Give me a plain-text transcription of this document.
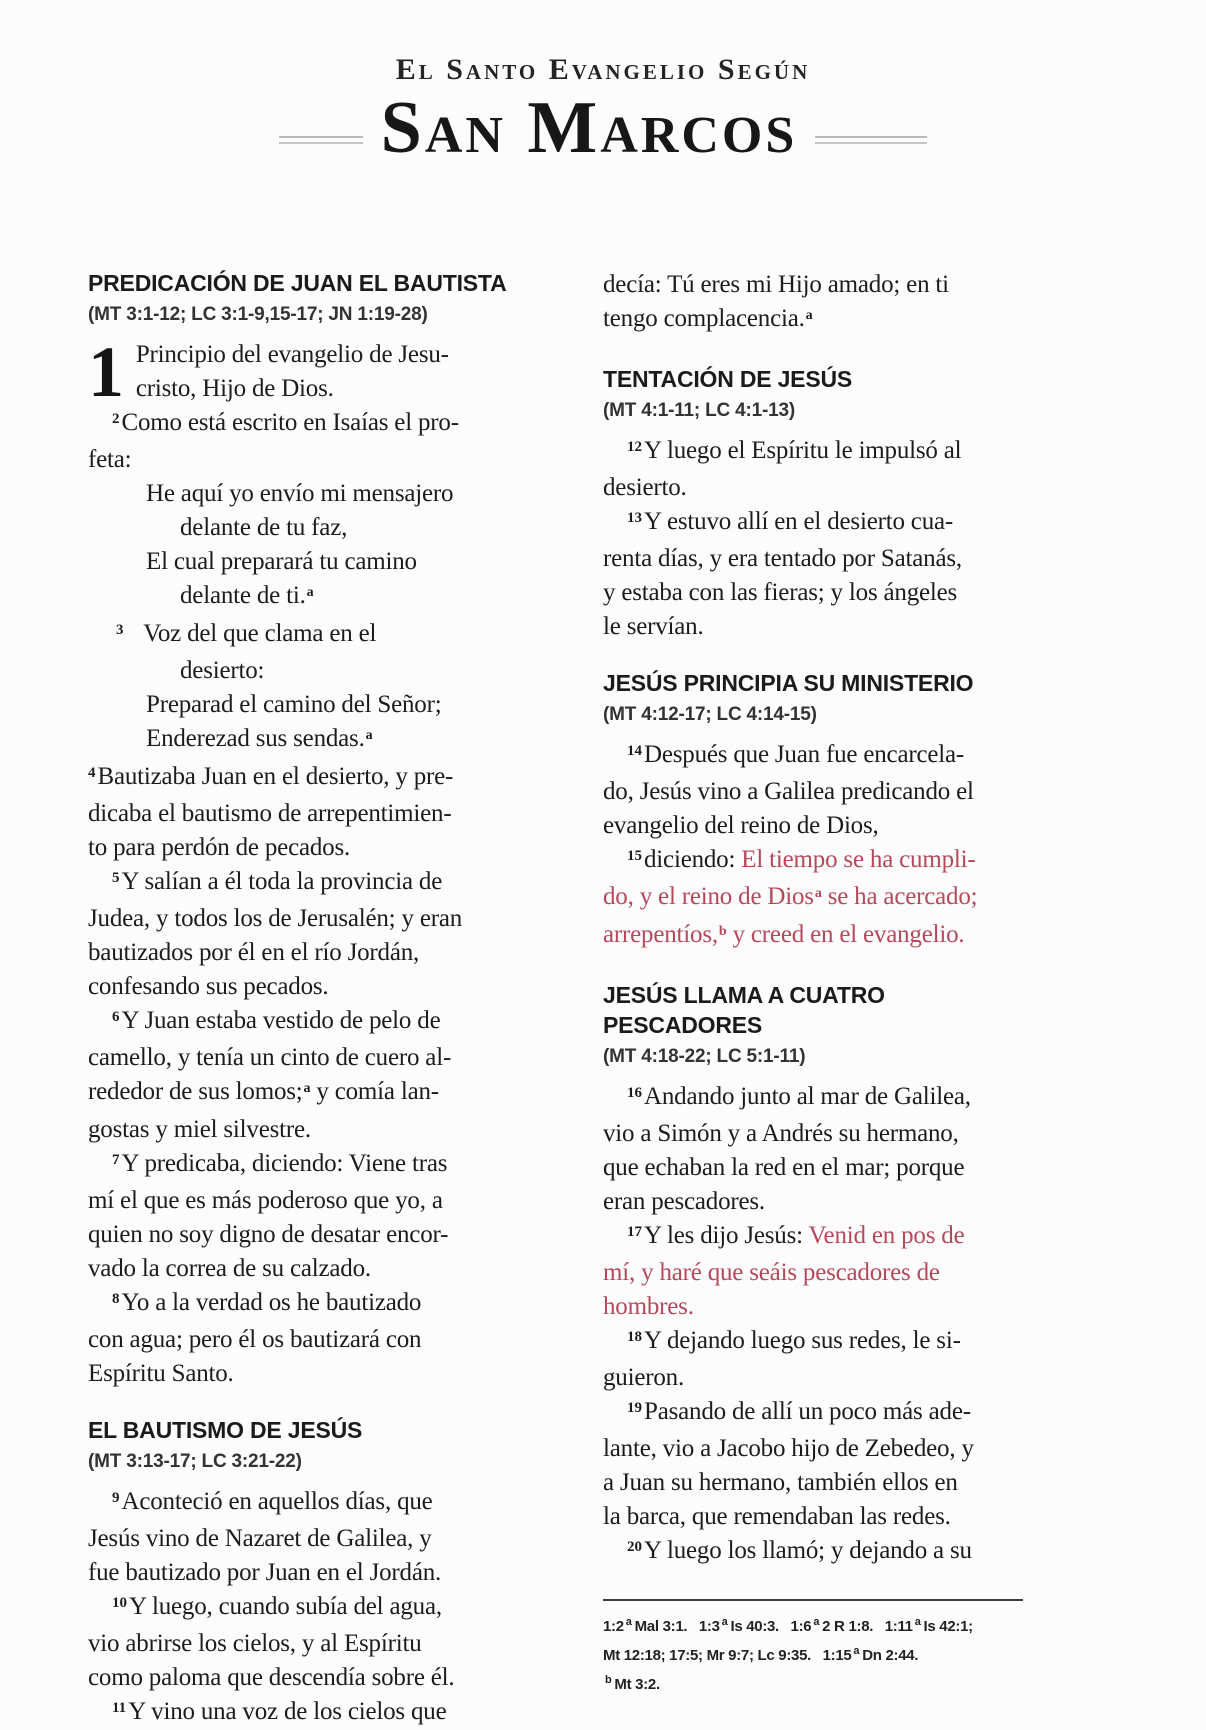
El Santo Evangelio Según
San Marcos
PREDICACIÓN DE JUAN EL BAUTISTA
(MT 3:1-12; LC 3:1-9,15-17; JN 1:19-28)
1 Principio del evangelio de Jesu-
cristo, Hijo de Dios.
$^2$Como está escrito en Isaías el pro-
feta:
He aquí yo envío mi mensajero
delante de tu faz,
El cual preparará tu camino
delante de ti.$^a$
$^3$   Voz del que clama en el
desierto:
Preparad el camino del Señor;
Enderezad sus sendas.$^a$
$^4$Bautizaba Juan en el desierto, y pre-
dicaba el bautismo de arrepentimien-
to para perdón de pecados.
$^5$Y salían a él toda la provincia de
Judea, y todos los de Jerusalén; y eran
bautizados por él en el río Jordán,
confesando sus pecados.
$^6$Y Juan estaba vestido de pelo de
camello, y tenía un cinto de cuero al-
rededor de sus lomos;$^a$ y comía lan-
gostas y miel silvestre.
$^7$Y predicaba, diciendo: Viene tras
mí el que es más poderoso que yo, a
quien no soy digno de desatar encor-
vado la correa de su calzado.
$^8$Yo a la verdad os he bautizado
con agua; pero él os bautizará con
Espíritu Santo.
EL BAUTISMO DE JESÚS
(MT 3:13-17; LC 3:21-22)
$^9$Aconteció en aquellos días, que
Jesús vino de Nazaret de Galilea, y
fue bautizado por Juan en el Jordán.
$^{10}$Y luego, cuando subía del agua,
vio abrirse los cielos, y al Espíritu
como paloma que descendía sobre él.
$^{11}$Y vino una voz de los cielos que
decía: Tú eres mi Hijo amado; en ti
tengo complacencia.$^a$
TENTACIÓN DE JESÚS
(MT 4:1-11; LC 4:1-13)
$^{12}$Y luego el Espíritu le impulsó al
desierto.
$^{13}$Y estuvo allí en el desierto cua-
renta días, y era tentado por Satanás,
y estaba con las fieras; y los ángeles
le servían.
JESÚS PRINCIPIA SU MINISTERIO
(MT 4:12-17; LC 4:14-15)
$^{14}$Después que Juan fue encarcela-
do, Jesús vino a Galilea predicando el
evangelio del reino de Dios,
$^{15}$diciendo: El tiempo se ha cumpli-
do, y el reino de Dios$^a$ se ha acercado;
arrepentíos,$^b$ y creed en el evangelio.
JESÚS LLAMA A CUATRO PESCADORES
(MT 4:18-22; LC 5:1-11)
$^{16}$Andando junto al mar de Galilea,
vio a Simón y a Andrés su hermano,
que echaban la red en el mar; porque
eran pescadores.
$^{17}$Y les dijo Jesús: Venid en pos de
mí, y haré que seáis pescadores de
hombres.
$^{18}$Y dejando luego sus redes, le si-
guieron.
$^{19}$Pasando de allí un poco más ade-
lante, vio a Jacobo hijo de Zebedeo, y
a Juan su hermano, también ellos en
la barca, que remendaban las redes.
$^{20}$Y luego los llamó; y dejando a su
1:2 $^a$ Mal 3:1.   1:3 $^a$ Is 40:3.   1:6 $^a$ 2 R 1:8.   1:11 $^a$ Is 42:1;
Mt 12:18; 17:5; Mr 9:7; Lc 9:35.   1:15 $^a$ Dn 2:44.
$^b$ Mt 3:2.
